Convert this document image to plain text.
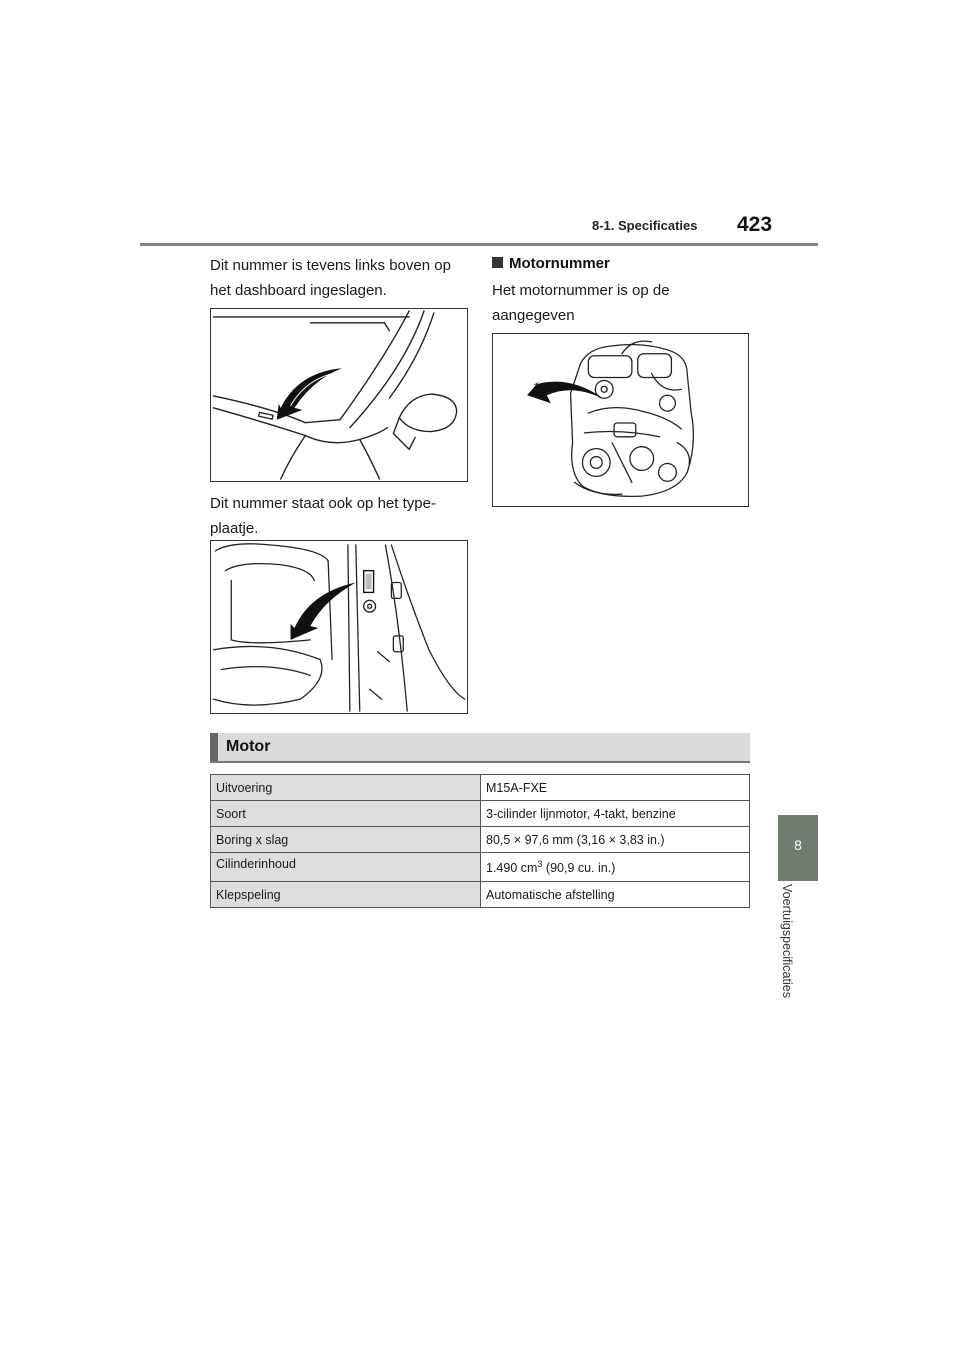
8-1. Specificaties 423
Dit nummer is tevens links boven op
het dashboard ingeslagen.
Dit nummer staat ook op het type-
plaatje.
Motornummer
Het motornummer is op de aangegeven

Motor
Uitvoering	M15A-FXE
Soort	3-cilinder lijnmotor, 4-takt, benzine
Boring x slag	80,5 × 97,6 mm (3,16 × 3,83 in.)
Cilinderinhoud	1.490 $cm^3$ (90,9 cu. in.)
Klepspeling	Automatische afstelling
8
Voertuigspecificaties
